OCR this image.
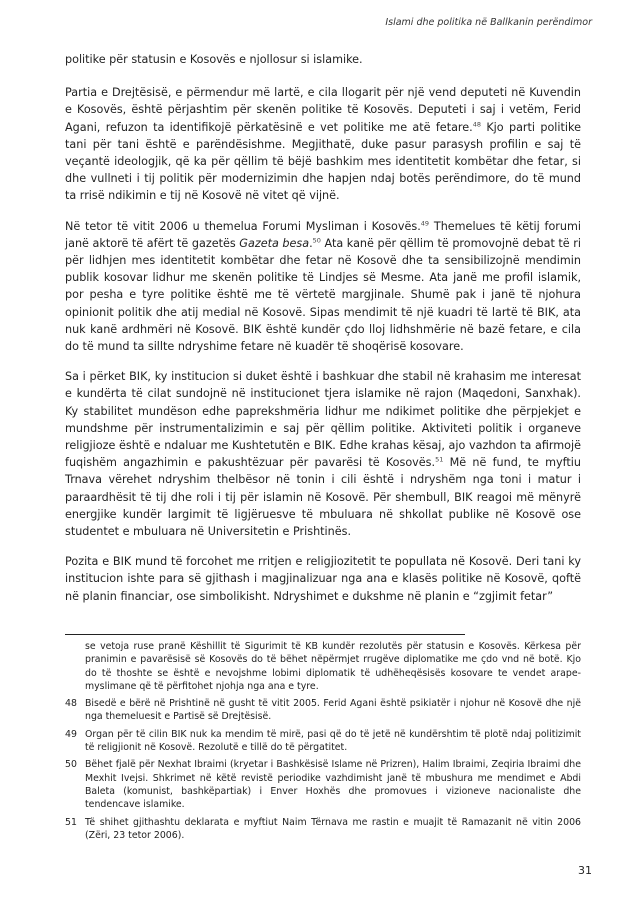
Islami dhe politika në Ballkanin perëndimor

politike për statusin e Kosovës e njollosur si islamike.

Partia e Drejtësisë, e përmendur më lartë, e cila llogarit për një vend deputeti në Kuvendin e Kosovës, është përjashtim për skenën politike të Kosovës. Deputeti i saj i vetëm, Ferid Agani, refuzon ta identifikojë përkatësinë e vet politike me atë fetare.$^{48}$ Kjo parti politike tani për tani është e parëndësishme. Megjithatë, duke pasur parasysh profilin e saj të veçantë ideologjik, që ka për qëllim të bëjë bashkim mes identitetit kombëtar dhe fetar, si dhe vullneti i tij politik për modernizimin dhe hapjen ndaj botës perëndimore, do të mund ta rrisë ndikimin e tij në Kosovë në vitet që vijnë.

Në tetor të vitit 2006 u themelua Forumi Mysliman i Kosovës.$^{49}$ Themelues të këtij forumi janë aktorë të afërt të gazetës Gazeta besa.$^{50}$ Ata kanë për qëllim të promovojnë debat të ri për lidhjen mes identitetit kombëtar dhe fetar në Kosovë dhe ta sensibilizojnë mendimin publik kosovar lidhur me skenën politike të Lindjes së Mesme. Ata janë me profil islamik, por pesha e tyre politike është me të vërtetë margjinale. Shumë pak i janë të njohura opinionit politik dhe atij medial në Kosovë. Sipas mendimit të një kuadri të lartë të BIK, ata nuk kanë ardhmëri në Kosovë. BIK është kundër çdo lloj lidhshmërie në bazë fetare, e cila do të mund ta sillte ndryshime fetare në kuadër të shoqërisë kosovare.

Sa i përket BIK, ky institucion si duket është i bashkuar dhe stabil në krahasim me interesat e kundërta të cilat sundojnë në institucionet tjera islamike në rajon (Maqedoni, Sanxhak). Ky stabilitet mundëson edhe paprekshmëria lidhur me ndikimet politike dhe përpjekjet e mundshme për instrumentalizimin e saj për qëllim politike. Aktiviteti politik i organeve religjioze është e ndaluar me Kushtetutën e BIK. Edhe krahas kësaj, ajo vazhdon ta afirmojë fuqishëm angazhimin e pakushtëzuar për pavarësi të Kosovës.$^{51}$ Më në fund, te myftiu Trnava vërehet ndryshim thelbësor në tonin i cili është i ndryshëm nga toni i matur i paraardhësit të tij dhe roli i tij për islamin në Kosovë. Për shembull, BIK reagoi më mënyrë energjike kundër largimit të ligjëruesve të mbuluara në shkollat publike në Kosovë ose studentet e mbuluara në Universitetin e Prishtinës.

Pozita e BIK mund të forcohet me rritjen e religjiozitetit te popullata në Kosovë. Deri tani ky institucion ishte para së gjithash i magjinalizuar nga ana e klasës politike në Kosovë, qoftë në planin financiar, ose simbolikisht. Ndryshimet e dukshme në planin e “zgjimit fetar”

se vetoja ruse pranë Këshillit të Sigurimit të KB kundër rezolutës për statusin e Kosovës. Kërkesa për pranimin e pavarësisë së Kosovës do të bëhet nëpërmjet rrugëve diplomatike me çdo vnd në botë. Kjo do të thoshte se është e nevojshme lobimi diplomatik të udhëheqësisës kosovare te vendet arape-myslimane që të përfitohet njohja nga ana e tyre.
48 Bisedë e bërë në Prishtinë në gusht të vitit 2005. Ferid Agani është psikiatër i njohur në Kosovë dhe një nga themeluesit e Partisë së Drejtësisë.
49 Organ për të cilin BIK nuk ka mendim të mirë, pasi që do të jetë në kundërshtim të plotë ndaj politizimit të religjionit në Kosovë. Rezolutë e tillë do të përgatitet.
50 Bëhet fjalë për Nexhat Ibraimi (kryetar i Bashkësisë Islame në Prizren), Halim Ibraimi, Zeqiria Ibraimi dhe Mexhit Ivejsi. Shkrimet në këtë revistë periodike vazhdimisht janë të mbushura me mendimet e Abdi Baleta (komunist, bashkëpartiak) i Enver Hoxhës dhe promovues i vizioneve nacionaliste dhe tendencave islamike.
51 Të shihet gjithashtu deklarata e myftiut Naim Tërnava me rastin e muajit të Ramazanit në vitin 2006 (Zëri, 23 tetor 2006).
31
